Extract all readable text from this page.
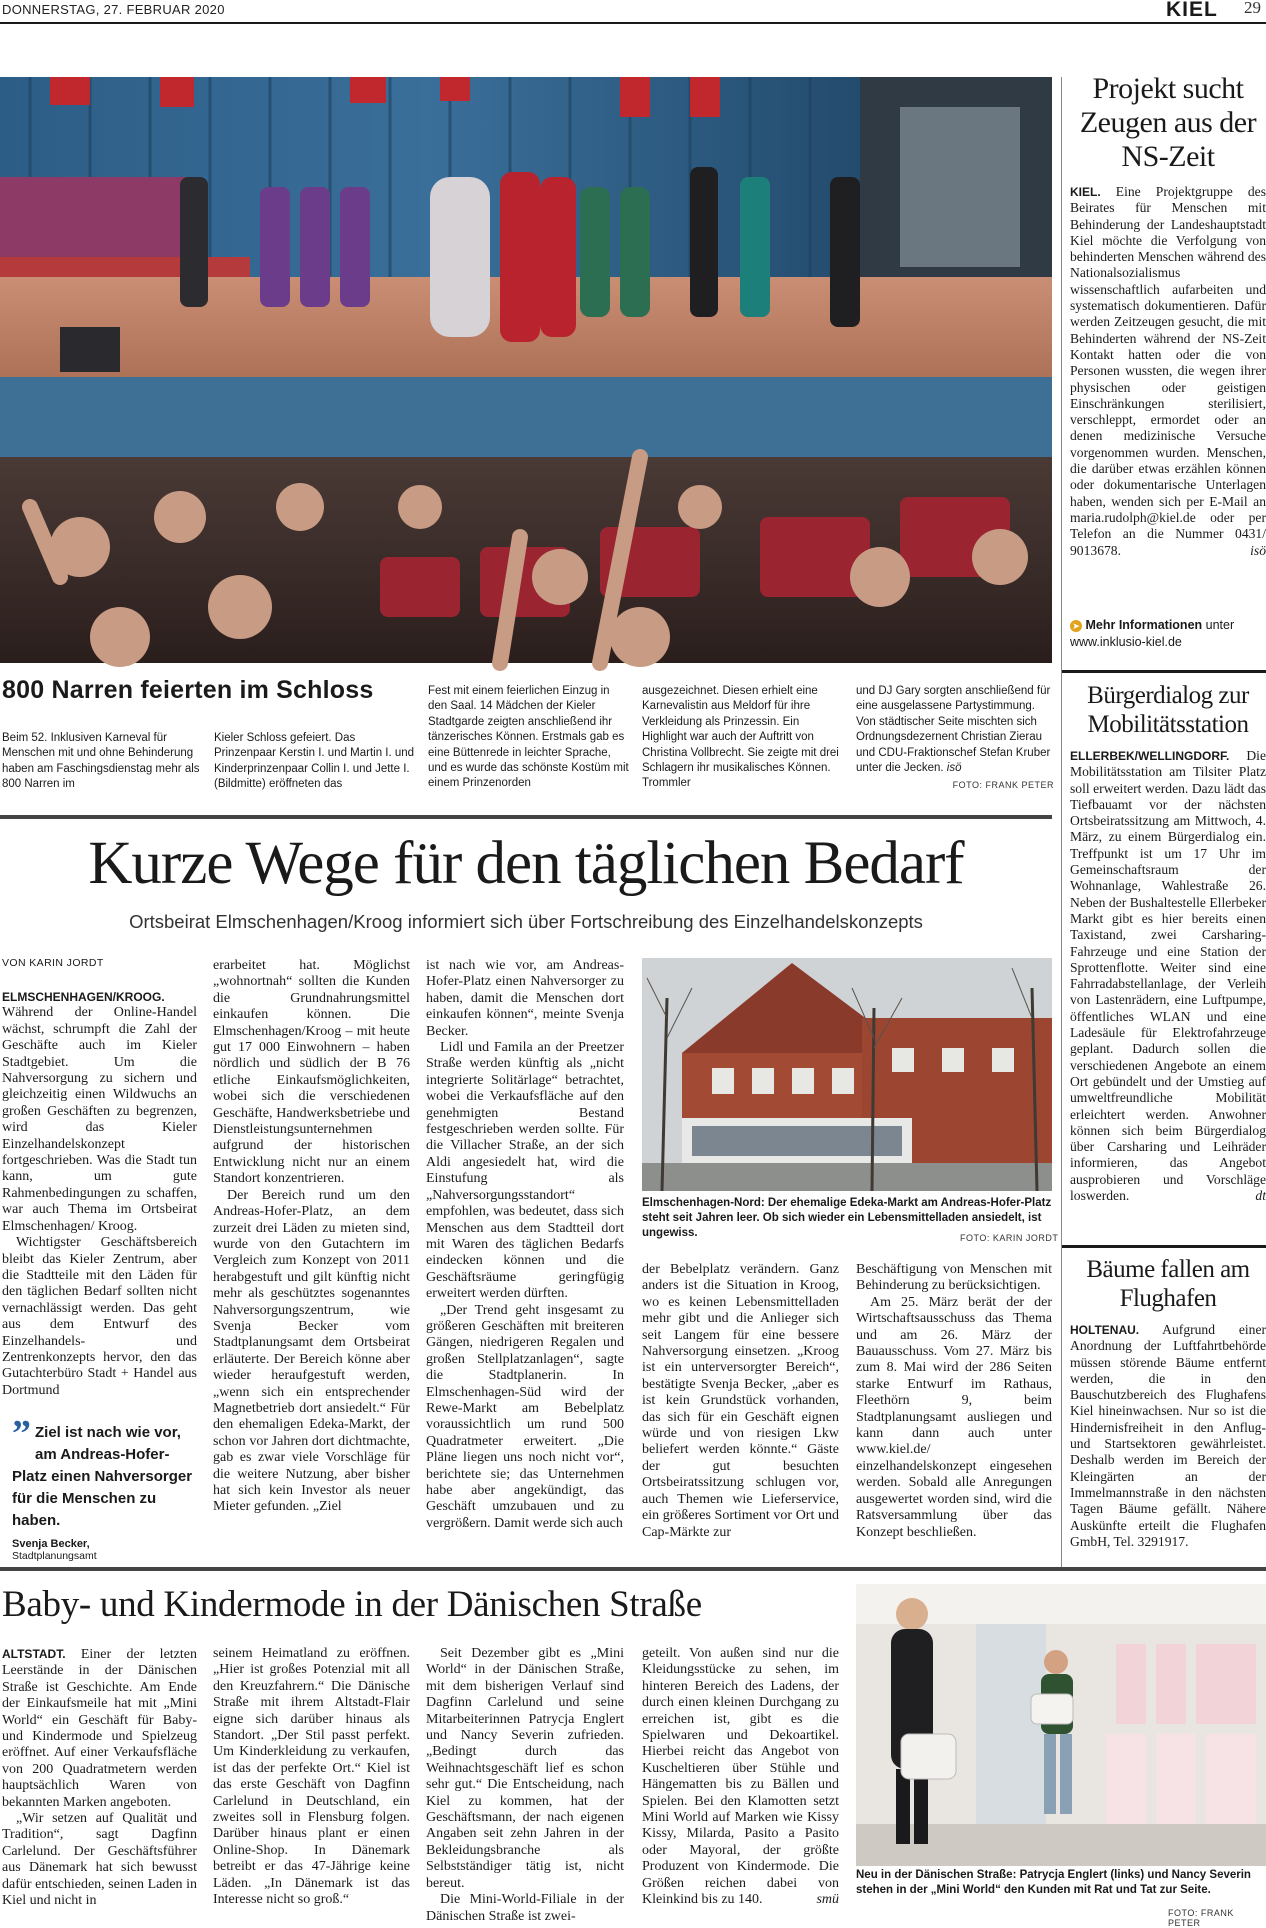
DONNERSTAG, 27. FEBRUAR 2020	KIEL 29
800 Narren feierten im Schloss
Beim 52. Inklusiven Karneval für Menschen mit und ohne Behinderung haben am Faschingsdienstag mehr als 800 Narren im
Kieler Schloss gefeiert. Das Prinzenpaar Kerstin I. und Martin I. und Kinderprinzenpaar Collin I. und Jette I. (Bildmitte) eröffneten das
Fest mit einem feierlichen Einzug in den Saal. 14 Mädchen der Kieler Stadtgarde zeigten anschließend ihr tänzerisches Können. Erstmals gab es eine Büttenrede in leichter Sprache, und es wurde das schönste Kostüm mit einem Prinzenorden
ausgezeichnet. Diesen erhielt eine Karnevalistin aus Meldorf für ihre Verkleidung als Prinzessin. Ein Highlight war auch der Auftritt von Christina Vollbrecht. Sie zeigte mit drei Schlagern ihr musikalisches Können. Trommler
und DJ Gary sorgten anschließend für eine ausgelassene Partystimmung. Von städtischer Seite mischten sich Ordnungsdezernent Christian Zierau und CDU-Fraktionschef Stefan Kruber unter die Jecken. isö
FOTO: FRANK PETER
Projekt sucht Zeugen aus der NS-Zeit
KIEL. Eine Projektgruppe des Beirates für Menschen mit Behinderung der Landeshauptstadt Kiel möchte die Verfolgung von behinderten Menschen während des Nationalsozialismus wissenschaftlich aufarbeiten und systematisch dokumentieren. Dafür werden Zeitzeugen gesucht, die mit Behinderten während der NS-Zeit Kontakt hatten oder die von Personen wussten, die wegen ihrer physischen oder geistigen Einschränkungen sterilisiert, verschleppt, ermordet oder an denen medizinische Versuche vorgenommen wurden. Menschen, die darüber etwas erzählen können oder dokumentarische Unterlagen haben, wenden sich per E-Mail an maria.rudolph@kiel.de oder per Telefon an die Nummer 0431/ 9013678.	isö
➤ Mehr Informationen unter
www.inklusio-kiel.de
Bürgerdialog zur Mobilitätsstation
ELLERBEK/WELLINGDORF. Die Mobilitätsstation am Tilsiter Platz soll erweitert werden. Dazu lädt das Tiefbauamt vor der nächsten Ortsbeiratssitzung am Mittwoch, 4. März, zu einem Bürgerdialog ein. Treffpunkt ist um 17 Uhr im Gemeinschaftsraum der Wohnanlage, Wahlestraße 26. Neben der Bushaltestelle Ellerbeker Markt gibt es hier bereits einen Taxistand, zwei Carsharing-Fahrzeuge und eine Station der Sprottenflotte. Weiter sind eine Fahrradabstellanlage, der Verleih von Lastenrädern, eine Luftpumpe, öffentliches WLAN und eine Ladesäule für Elektrofahrzeuge geplant. Dadurch sollen die verschiedenen Angebote an einem Ort gebündelt und der Umstieg auf umweltfreundliche Mobilität erleichtert werden. Anwohner können sich beim Bürgerdialog über Carsharing und Leihräder informieren, das Angebot ausprobieren und Vorschläge loswerden.	dt
Bäume fallen am Flughafen
HOLTENAU. Aufgrund einer Anordnung der Luftfahrtbehörde müssen störende Bäume entfernt werden, die in den Bauschutzbereich des Flughafens Kiel hineinwachsen. Nur so ist die Hindernisfreiheit in den Anflug- und Startsektoren gewährleistet. Deshalb werden im Bereich der Kleingärten an der Immelmannstraße in den nächsten Tagen Bäume gefällt. Nähere Auskünfte erteilt die Flughafen GmbH, Tel. 3291917.
Kurze Wege für den täglichen Bedarf
Ortsbeirat Elmschenhagen/Kroog informiert sich über Fortschreibung des Einzelhandelskonzepts
VON KARIN JORDT
ELMSCHENHAGEN/KROOG.
Während der Online-Handel wächst, schrumpft die Zahl der Geschäfte auch im Kieler Stadtgebiet. Um die Nahversorgung zu sichern und gleichzeitig einen Wildwuchs an großen Geschäften zu begrenzen, wird das Kieler Einzelhandelskonzept fortgeschrieben. Was die Stadt tun kann, um gute Rahmenbedingungen zu schaffen, war auch Thema im Ortsbeirat Elmschenhagen/ Kroog.
Wichtigster Geschäftsbereich bleibt das Kieler Zentrum, aber die Stadtteile mit den Läden für den täglichen Bedarf sollten nicht vernachlässigt werden. Das geht aus dem Entwurf des Einzelhandels- und Zentrenkonzepts hervor, den das Gutachterbüro Stadt + Handel aus Dortmund
” Ziel ist nach wie vor, am Andreas-Hofer-Platz einen Nahversorger für die Menschen zu haben.
Svenja Becker,
Stadtplanungsamt
erarbeitet hat. Möglichst „wohnortnah“ sollten die Kunden die Grundnahrungsmittel einkaufen können. Die Elmschenhagen/Kroog – mit heute gut 17 000 Einwohnern – haben nördlich und südlich der B 76 etliche Einkaufsmöglichkeiten, wobei sich die verschiedenen Geschäfte, Handwerksbetriebe und Dienstleistungsunternehmen aufgrund der historischen Entwicklung nicht nur an einem Standort konzentrieren.
Der Bereich rund um den Andreas-Hofer-Platz, an dem zurzeit drei Läden zu mieten sind, wurde von den Gutachtern im Vergleich zum Konzept von 2011 herabgestuft und gilt künftig nicht mehr als geschütztes sogenanntes Nahversorgungszentrum, wie Svenja Becker vom Stadtplanungsamt dem Ortsbeirat erläuterte. Der Bereich könne aber wieder heraufgestuft werden, „wenn sich ein entsprechender Magnetbetrieb dort ansiedelt.“ Für den ehemaligen Edeka-Markt, der schon vor Jahren dort dichtmachte, gab es zwar viele Vorschläge für die weitere Nutzung, aber bisher hat sich kein Investor als neuer Mieter gefunden. „Ziel
ist nach wie vor, am Andreas-Hofer-Platz einen Nahversorger zu haben, damit die Menschen dort einkaufen können“, meinte Svenja Becker.
Lidl und Famila an der Preetzer Straße werden künftig als „nicht integrierte Solitärlage“ betrachtet, wobei die Verkaufsfläche auf den genehmigten Bestand festgeschrieben werden sollte. Für die Villacher Straße, an der sich Aldi angesiedelt hat, wird die Einstufung als „Nahversorgungsstandort“ empfohlen, was bedeutet, dass sich Menschen aus dem Stadtteil dort mit Waren des täglichen Bedarfs eindecken können und die Geschäftsräume geringfügig erweitert werden dürften.
„Der Trend geht insgesamt zu größeren Geschäften mit breiteren Gängen, niedrigeren Regalen und großen Stellplatzanlagen“, sagte die Stadtplanerin. In Elmschenhagen-Süd wird der Rewe-Markt am Bebelplatz voraussichtlich um rund 500 Quadratmeter erweitert. „Die Pläne liegen uns noch nicht vor“, berichtete sie; das Unternehmen habe aber angekündigt, das Geschäft umzubauen und zu vergrößern. Damit werde sich auch
Elmschenhagen-Nord: Der ehemalige Edeka-Markt am Andreas-Hofer-Platz steht seit Jahren leer. Ob sich wieder ein Lebensmittelladen ansiedelt, ist ungewiss.	FOTO: KARIN JORDT
der Bebelplatz verändern. Ganz anders ist die Situation in Kroog, wo es keinen Lebensmittelladen mehr gibt und die Anlieger sich seit Langem für eine bessere Nahversorgung einsetzen. „Kroog ist ein unterversorgter Bereich“, bestätigte Svenja Becker, „aber es ist kein Grundstück vorhanden, das sich für ein Geschäft eignen würde und von riesigen Lkw beliefert werden könnte.“ Gäste der gut besuchten Ortsbeiratssitzung schlugen vor, auch Themen wie Lieferservice, ein größeres Sortiment vor Ort und Cap-Märkte zur
Beschäftigung von Menschen mit Behinderung zu berücksichtigen.
Am 25. März berät der der Wirtschaftsausschuss das Thema und am 26. März der Bauausschuss. Vom 27. März bis zum 8. Mai wird der 286 Seiten starke Entwurf im Rathaus, Fleethörn 9, beim Stadtplanungsamt ausliegen und kann dann auch unter www.kiel.de/ einzelhandelskonzept eingesehen werden. Sobald alle Anregungen ausgewertet worden sind, wird die Ratsversammlung über das Konzept beschließen.
Baby- und Kindermode in der Dänischen Straße
ALTSTADT. Einer der letzten Leerstände in der Dänischen Straße ist Geschichte. Am Ende der Einkaufsmeile hat mit „Mini World“ ein Geschäft für Baby- und Kindermode und Spielzeug eröffnet. Auf einer Verkaufsfläche von 200 Quadratmetern werden hauptsächlich Waren von bekannten Marken angeboten.
„Wir setzen auf Qualität und Tradition“, sagt Dagfinn Carlelund. Der Geschäftsführer aus Dänemark hat sich bewusst dafür entschieden, seinen Laden in Kiel und nicht in
seinem Heimatland zu eröffnen. „Hier ist großes Potenzial mit all den Kreuzfahrern.“ Die Dänische Straße mit ihrem Altstadt-Flair eigne sich darüber hinaus als Standort. „Der Stil passt perfekt. Um Kinderkleidung zu verkaufen, ist das der perfekte Ort.“ Kiel ist das erste Geschäft von Dagfinn Carlelund in Deutschland, ein zweites soll in Flensburg folgen. Darüber hinaus plant er einen Online-Shop. In Dänemark betreibt er das 47-Jährige keine Läden. „In Dänemark ist das Interesse nicht so groß.“
Seit Dezember gibt es „Mini World“ in der Dänischen Straße, mit dem bisherigen Verlauf sind Dagfinn Carlelund und seine Mitarbeiterinnen Patrycja Englert und Nancy Severin zufrieden. „Bedingt durch das Weihnachtsgeschäft lief es schon sehr gut.“ Die Entscheidung, nach Kiel zu kommen, hat der Geschäftsmann, der nach eigenen Angaben seit zehn Jahren in der Bekleidungsbranche als Selbstständiger tätig ist, nicht bereut.
Die Mini-World-Filiale in der Dänischen Straße ist zwei-
geteilt. Von außen sind nur die Kleidungsstücke zu sehen, im hinteren Bereich des Ladens, der durch einen kleinen Durchgang zu erreichen ist, gibt es die Spielwaren und Dekoartikel. Hierbei reicht das Angebot von Kuscheltieren über Stühle und Hängematten bis zu Bällen und Spielen. Bei den Klamotten setzt Mini World auf Marken wie Kissy Kissy, Milarda, Pasito a Pasito oder Mayoral, der größte Produzent von Kindermode. Die Größen reichen dabei von Kleinkind bis zu 140.	smü
Neu in der Dänischen Straße: Patrycja Englert (links) und Nancy Severin stehen in der „Mini World“ den Kunden mit Rat und Tat zur Seite.
FOTO: FRANK PETER
